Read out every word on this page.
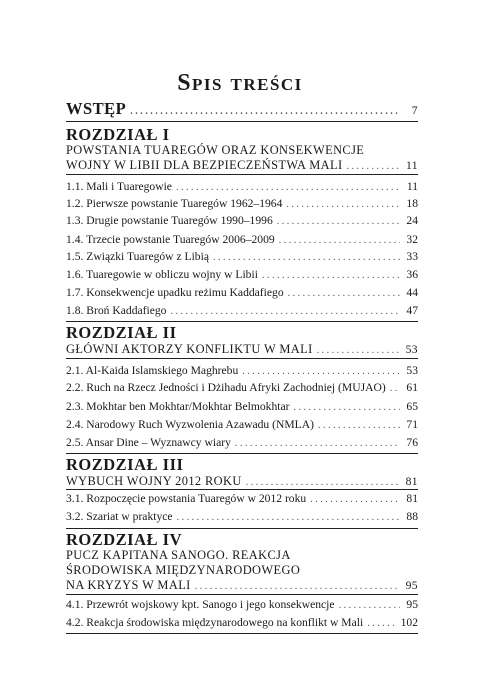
Spis treści
WSTĘP . . .	7
ROZDZIAŁ I
POWSTANIA TUAREGÓW ORAZ KONSEKWENCJE
WOJNY W LIBII DLA BEZPIECZEŃSTWA MALI . . .	11
1.1. Mali i Tuaregowie . . .	11
1.2. Pierwsze powstanie Tuaregów 1962–1964 . . .	18
1.3. Drugie powstanie Tuaregów 1990–1996 . . .	24
1.4. Trzecie powstanie Tuaregów 2006–2009 . . .	32
1.5. Związki Tuaregów z Libią . . .	33
1.6. Tuaregowie w obliczu wojny w Libii . . .	36
1.7. Konsekwencje upadku reżimu Kaddafiego . . .	44
1.8. Broń Kaddafiego . . .	47
ROZDZIAŁ II
GŁÓWNI AKTORZY KONFLIKTU W MALI . . .	53
2.1. Al-Kaida Islamskiego Maghrebu . . .	53
2.2. Ruch na Rzecz Jedności i Dżihadu Afryki Zachodniej (MUJAO) . . . 61
2.3. Mokhtar ben Mokhtar/Mokhtar Belmokhtar . . .	65
2.4. Narodowy Ruch Wyzwolenia Azawadu (NMLA) . . .	71
2.5. Ansar Dine – Wyznawcy wiary . . .	76
ROZDZIAŁ III
WYBUCH WOJNY 2012 ROKU . . .	81
3.1. Rozpoczęcie powstania Tuaregów w 2012 roku . . .	81
3.2. Szariat w praktyce . . .	88
ROZDZIAŁ IV
PUCZ KAPITANA SANOGO. REAKCJA
ŚRODOWISKA MIĘDZYNARODOWEGO
NA KRYZYS W MALI . . .	95
4.1. Przewrót wojskowy kpt. Sanogo i jego konsekwencje . . .	95
4.2. Reakcja środowiska międzynarodowego na konflikt w Mali . . .	102
